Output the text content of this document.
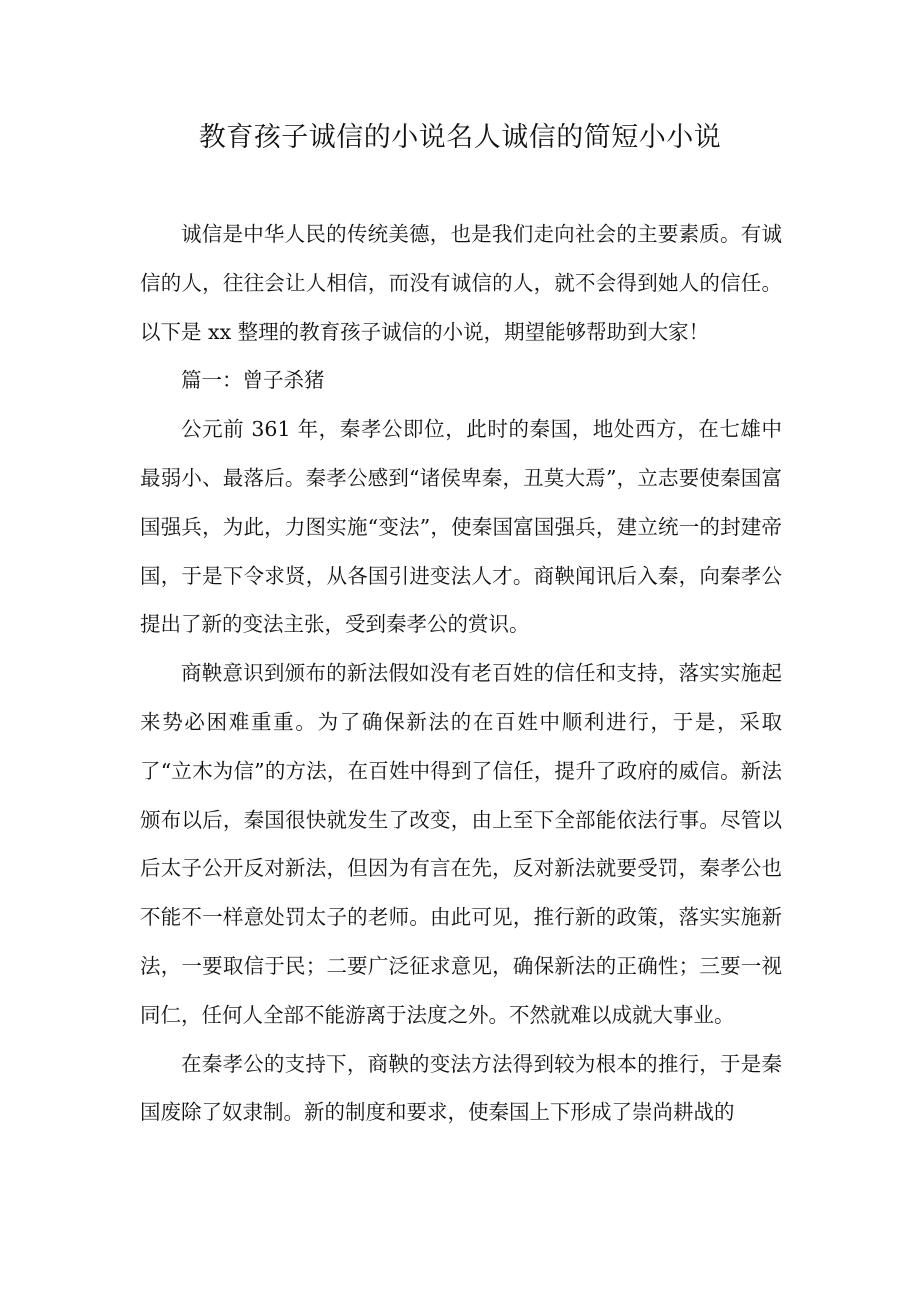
教育孩子诚信的小说名人诚信的简短小小说

诚信是中华人民的传统美德，也是我们走向社会的主要素质。有诚信的人，往往会让人相信，而没有诚信的人，就不会得到她人的信任。以下是 xx 整理的教育孩子诚信的小说，期望能够帮助到大家！

篇一：曾子杀猪

公元前 361 年，秦孝公即位，此时的秦国，地处西方，在七雄中最弱小、最落后。秦孝公感到“诸侯卑秦，丑莫大焉”，立志要使秦国富国强兵，为此，力图实施“变法”，使秦国富国强兵，建立统一的封建帝国，于是下令求贤，从各国引进变法人才。商鞅闻讯后入秦，向秦孝公提出了新的变法主张，受到秦孝公的赏识。

商鞅意识到颁布的新法假如没有老百姓的信任和支持，落实实施起来势必困难重重。为了确保新法的在百姓中顺利进行，于是，采取了“立木为信”的方法，在百姓中得到了信任，提升了政府的威信。新法颁布以后，秦国很快就发生了改变，由上至下全部能依法行事。尽管以后太子公开反对新法，但因为有言在先，反对新法就要受罚，秦孝公也不能不一样意处罚太子的老师。由此可见，推行新的政策，落实实施新法，一要取信于民；二要广泛征求意见，确保新法的正确性；三要一视同仁，任何人全部不能游离于法度之外。不然就难以成就大事业。

在秦孝公的支持下，商鞅的变法方法得到较为根本的推行，于是秦国废除了奴隶制。新的制度和要求，使秦国上下形成了崇尚耕战的
